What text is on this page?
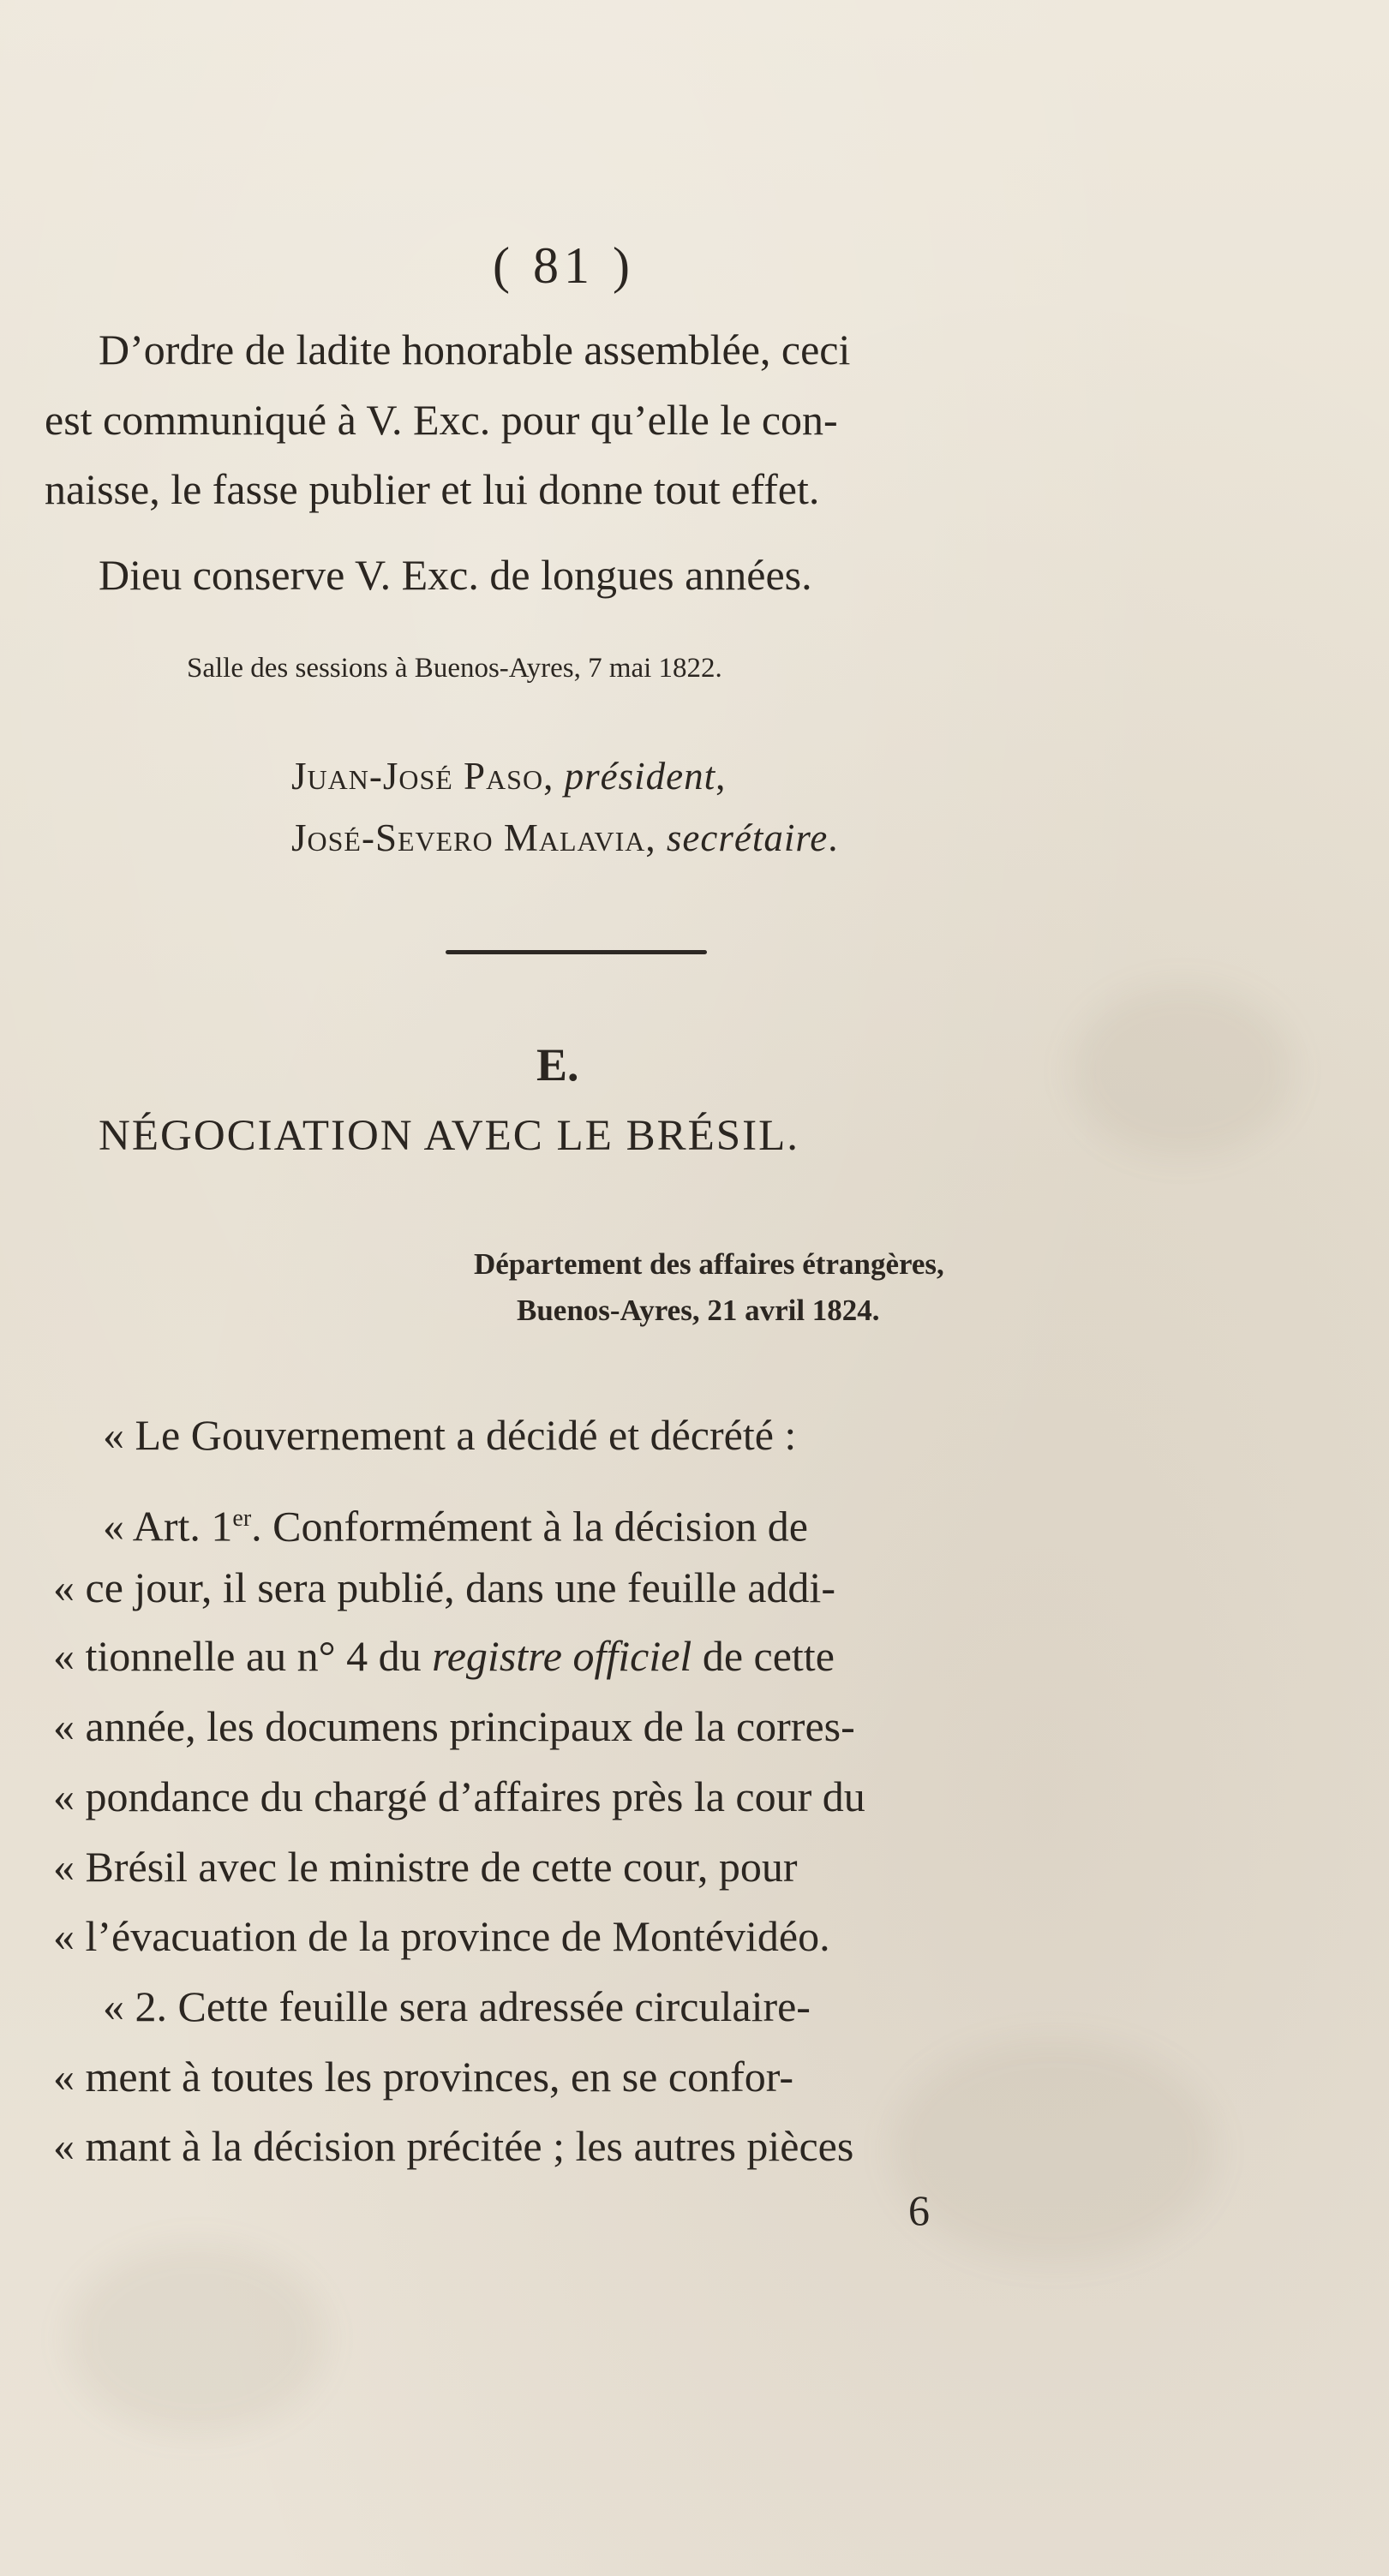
( 81 )
D’ordre de ladite honorable assemblée, ceci
est communiqué à V. Exc. pour qu’elle le con-
naisse, le fasse publier et lui donne tout effet.
Dieu conserve V. Exc. de longues années.
Salle des sessions à Buenos-Ayres, 7 mai 1822.
Juan-José Paso, président,
José-Severo Malavia, secrétaire.
E.
NÉGOCIATION AVEC LE BRÉSIL.
Département des affaires étrangères,
Buenos-Ayres, 21 avril 1824.
« Le Gouvernement a décidé et décrété :
« Art. 1er. Conformément à la décision de
« ce jour, il sera publié, dans une feuille addi-
« tionnelle au n° 4 du registre officiel de cette
« année, les documens principaux de la corres-
« pondance du chargé d’affaires près la cour du
« Brésil avec le ministre de cette cour, pour
« l’évacuation de la province de Montévidéo.
« 2. Cette feuille sera adressée circulaire-
« ment à toutes les provinces, en se confor-
« mant à la décision précitée ; les autres pièces
6
